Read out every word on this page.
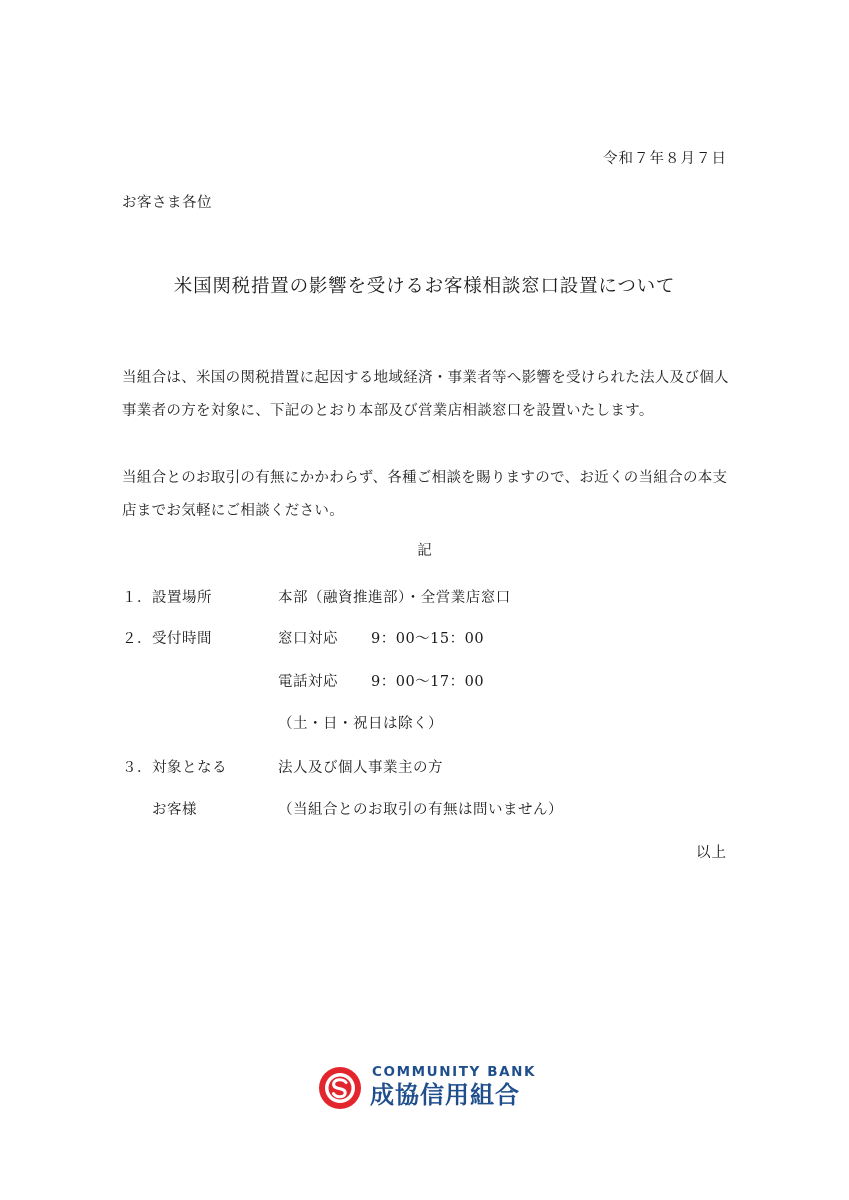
令和７年８月７日
お客さま各位
米国関税措置の影響を受けるお客様相談窓口設置について
当組合は、米国の関税措置に起因する地域経済・事業者等へ影響を受けられた法人及び個人事業者の方を対象に、下記のとおり本部及び営業店相談窓口を設置いたします。
当組合とのお取引の有無にかかわらず、各種ご相談を賜りますので、お近くの当組合の本支店までお気軽にご相談ください。
記
１．設置場所	本部（融資推進部）・全営業店窓口
２．受付時間	窓口対応 9：00～15：00
電話対応 9：00～17：00
（土・日・祝日は除く）
３．対象となる	法人及び個人事業主の方
お客様	（当組合とのお取引の有無は問いません）
以上
COMMUNITY BANK
成協信用組合
